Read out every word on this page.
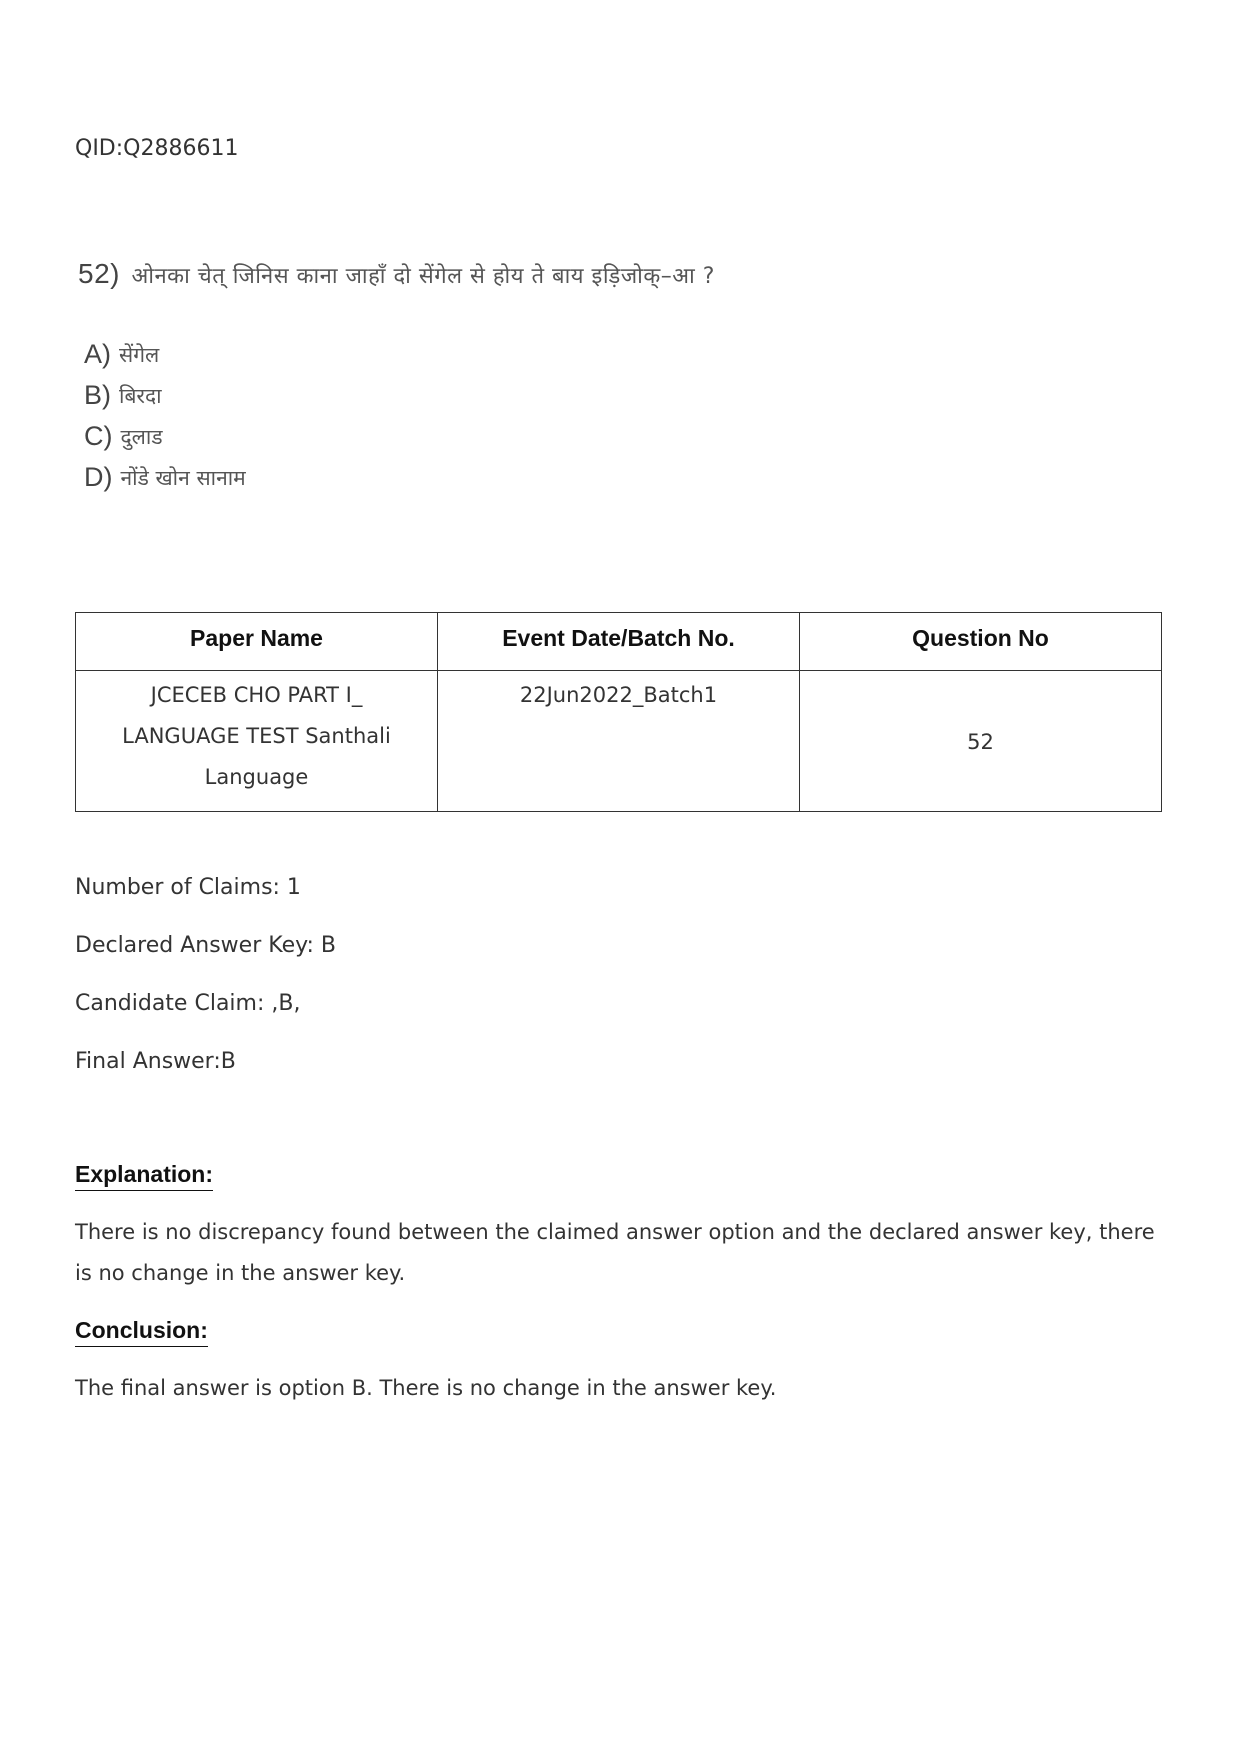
QID:Q2886611
52) ओनका चेत् जिनिस काना जाहाँ दो सेंगेल से होय ते बाय इड़िजोक्–आ ?
A) सेंगेल
B) बिरदा
C) दुलाड
D) नोंडे खोन सानाम
Paper Name	Event Date/Batch No.	Question No

JCECEB CHO PART I_ LANGUAGE TEST Santhali Language	22Jun2022_Batch1	52
Number of Claims: 1
Declared Answer Key: B
Candidate Claim: ,B,
Final Answer:B
Explanation:
There is no discrepancy found between the claimed answer option and the declared answer key, there is no change in the answer key.
Conclusion:
The final answer is option B. There is no change in the answer key.
